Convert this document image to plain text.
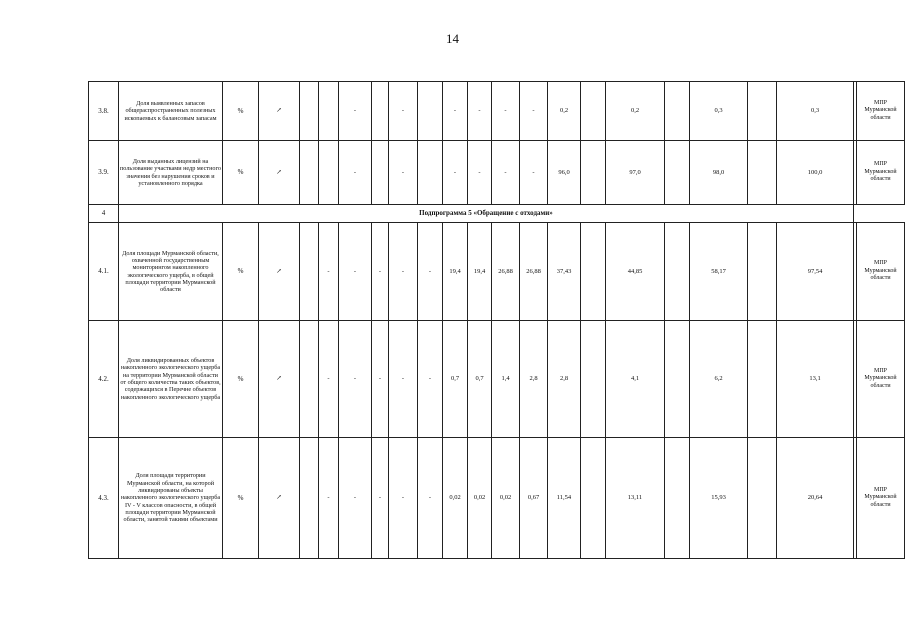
14
3.8.	Доля выявленных запасов общераспространенных полезных ископаемых к балансовым запасам	%	↗			-		-		-	-	-	-	0,2		0,2		0,3		0,3		МПР Мурманской области
3.9.	Доля выданных лицензий на пользование участками недр местного значения без нарушения сроков и установленного порядка	%	↗			-		-		-	-	-	-	96,0		97,0		98,0		100,0		МПР Мурманской области
4	Подпрограмма 5 «Обращение с отходами»																					
4.1.	Доля площади Мурманской области, охваченной государственным мониторингом накопленного экологического ущерба, в общей площади территории Мурманской области	%	↗		-	-	-	-	-	19,4	19,4	26,88	26,88	37,43		44,85		58,17		97,54		МПР Мурманской области
4.2.	Доля ликвидированных объектов накопленного экологического ущерба на территории Мурманской области от общего количества таких объектов, содержащихся в Перечне объектов накопленного экологического ущерба	%	↗		-	-	-	-	-	0,7	0,7	1,4	2,8	2,8		4,1		6,2		13,1		МПР Мурманской области
4.3.	Доля площади территории Мурманской области, на которой ликвидированы объекты накопленного экологического ущерба IV - V классов опасности, в общей площади территории Мурманской области, занятой такими объектами	%	↗		-	-	-	-	-	0,02	0,02	0,02	0,67	11,54		13,11		15,93		20,64		МПР Мурманской области
